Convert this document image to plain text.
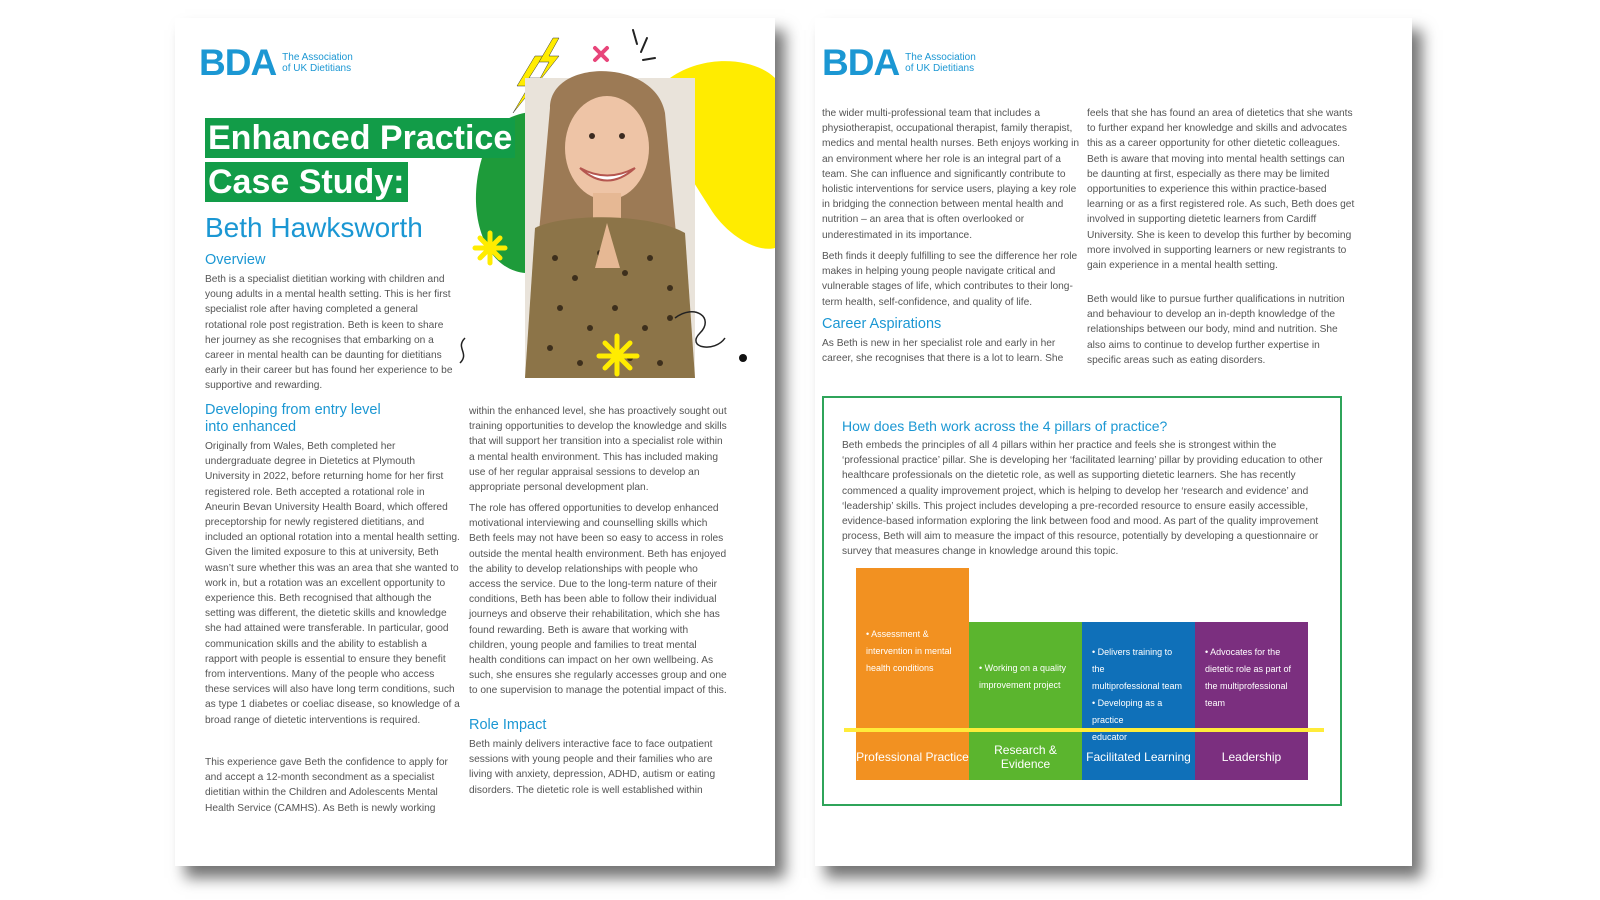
BDA The Association
of UK Dietitians
Enhanced Practice
Case Study:
Beth Hawksworth
Overview
Beth is a specialist dietitian working with children and young adults in a mental health setting. This is her first specialist role after having completed a general rotational role post registration. Beth is keen to share her journey as she recognises that embarking on a career in mental health can be daunting for dietitians early in their career but has found her experience to be supportive and rewarding.
Developing from entry level
into enhanced
Originally from Wales, Beth completed her undergraduate degree in Dietetics at Plymouth University in 2022, before returning home for her first registered role. Beth accepted a rotational role in Aneurin Bevan University Health Board, which offered preceptorship for newly registered dietitians, and included an optional rotation into a mental health setting. Given the limited exposure to this at university, Beth wasn’t sure whether this was an area that she wanted to work in, but a rotation was an excellent opportunity to experience this. Beth recognised that although the setting was different, the dietetic skills and knowledge she had attained were transferable. In particular, good communication skills and the ability to establish a rapport with people is essential to ensure they benefit from interventions. Many of the people who access these services will also have long term conditions, such as type 1 diabetes or coeliac disease, so knowledge of a broad range of dietetic interventions is required.
This experience gave Beth the confidence to apply for and accept a 12-month secondment as a specialist dietitian within the Children and Adolescents Mental Health Service (CAMHS). As Beth is newly working
within the enhanced level, she has proactively sought out training opportunities to develop the knowledge and skills that will support her transition into a specialist role within a mental health environment. This has included making use of her regular appraisal sessions to develop an appropriate personal development plan.
The role has offered opportunities to develop enhanced motivational interviewing and counselling skills which Beth feels may not have been so easy to access in roles outside the mental health environment. Beth has enjoyed the ability to develop relationships with people who access the service. Due to the long-term nature of their conditions, Beth has been able to follow their individual journeys and observe their rehabilitation, which she has found rewarding. Beth is aware that working with children, young people and families to treat mental health conditions can impact on her own wellbeing. As such, she ensures she regularly accesses group and one to one supervision to manage the potential impact of this.
Role Impact
Beth mainly delivers interactive face to face outpatient sessions with young people and their families who are living with anxiety, depression, ADHD, autism or eating disorders. The dietetic role is well established within
BDA The Association
of UK Dietitians
the wider multi-professional team that includes a physiotherapist, occupational therapist, family therapist, medics and mental health nurses. Beth enjoys working in an environment where her role is an integral part of a team. She can influence and significantly contribute to holistic interventions for service users, playing a key role in bridging the connection between mental health and nutrition – an area that is often overlooked or underestimated in its importance.
Beth finds it deeply fulfilling to see the difference her role makes in helping young people navigate critical and vulnerable stages of life, which contributes to their long-term health, self-confidence, and quality of life.
Career Aspirations
As Beth is new in her specialist role and early in her career, she recognises that there is a lot to learn. She
feels that she has found an area of dietetics that she wants to further expand her knowledge and skills and advocates this as a career opportunity for other dietetic colleagues. Beth is aware that moving into mental health settings can be daunting at first, especially as there may be limited opportunities to experience this within practice-based learning or as a first registered role. As such, Beth does get involved in supporting dietetic learners from Cardiff University. She is keen to develop this further by becoming more involved in supporting learners or new registrants to gain experience in a mental health setting.
Beth would like to pursue further qualifications in nutrition and behaviour to develop an in-depth knowledge of the relationships between our body, mind and nutrition. She also aims to continue to develop further expertise in specific areas such as eating disorders.
How does Beth work across the 4 pillars of practice?
Beth embeds the principles of all 4 pillars within her practice and feels she is strongest within the ‘professional practice’ pillar. She is developing her ‘facilitated learning’ pillar by providing education to other healthcare professionals on the dietetic role, as well as supporting dietetic learners. She has recently commenced a quality improvement project, which is helping to develop her ‘research and evidence’ and ‘leadership’ skills. This project includes developing a pre-recorded resource to ensure easily accessible, evidence-based information exploring the link between food and mood. As part of the quality improvement process, Beth will aim to measure the impact of this resource, potentially by developing a questionnaire or survey that measures change in knowledge around this topic.
• Assessment &
intervention in mental
health conditions
Professional Practice
• Working on a quality
improvement project
Research & Evidence
• Delivers training to the
multiprofessional team
• Developing as a practice
educator
Facilitated Learning
• Advocates for the
dietetic role as part of
the multiprofessional
team
Leadership
